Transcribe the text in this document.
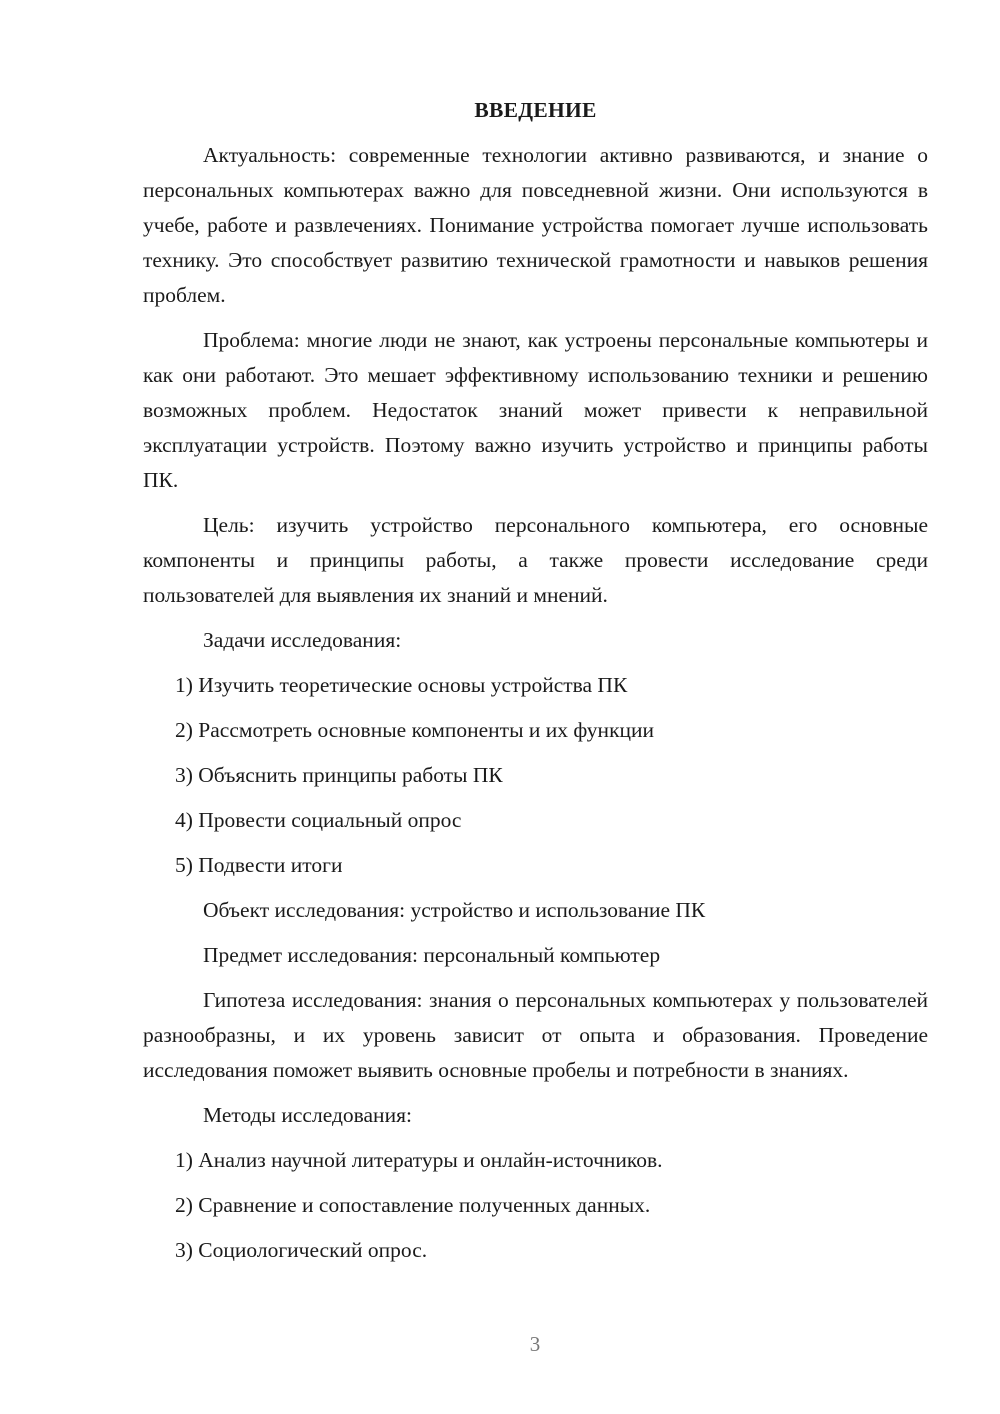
ВВЕДЕНИЕ

Актуальность: современные технологии активно развиваются, и знание о персональных компьютерах важно для повседневной жизни. Они используются в учебе, работе и развлечениях. Понимание устройства помогает лучше использовать технику. Это способствует развитию технической грамотности и навыков решения проблем.

Проблема: многие люди не знают, как устроены персональные компьютеры и как они работают. Это мешает эффективному использованию техники и решению возможных проблем. Недостаток знаний может привести к неправильной эксплуатации устройств. Поэтому важно изучить устройство и принципы работы ПК.

Цель: изучить устройство персонального компьютера, его основные компоненты и принципы работы, а также провести исследование среди пользователей для выявления их знаний и мнений.

Задачи исследования:

1) Изучить теоретические основы устройства ПК

2) Рассмотреть основные компоненты и их функции

3) Объяснить принципы работы ПК

4) Провести социальный опрос

5) Подвести итоги

Объект исследования: устройство и использование ПК

Предмет исследования: персональный компьютер

Гипотеза исследования: знания о персональных компьютерах у пользователей разнообразны, и их уровень зависит от опыта и образования. Проведение исследования поможет выявить основные пробелы и потребности в знаниях.

Методы исследования:

1) Анализ научной литературы и онлайн-источников.

2) Сравнение и сопоставление полученных данных.

3) Социологический опрос.

3
